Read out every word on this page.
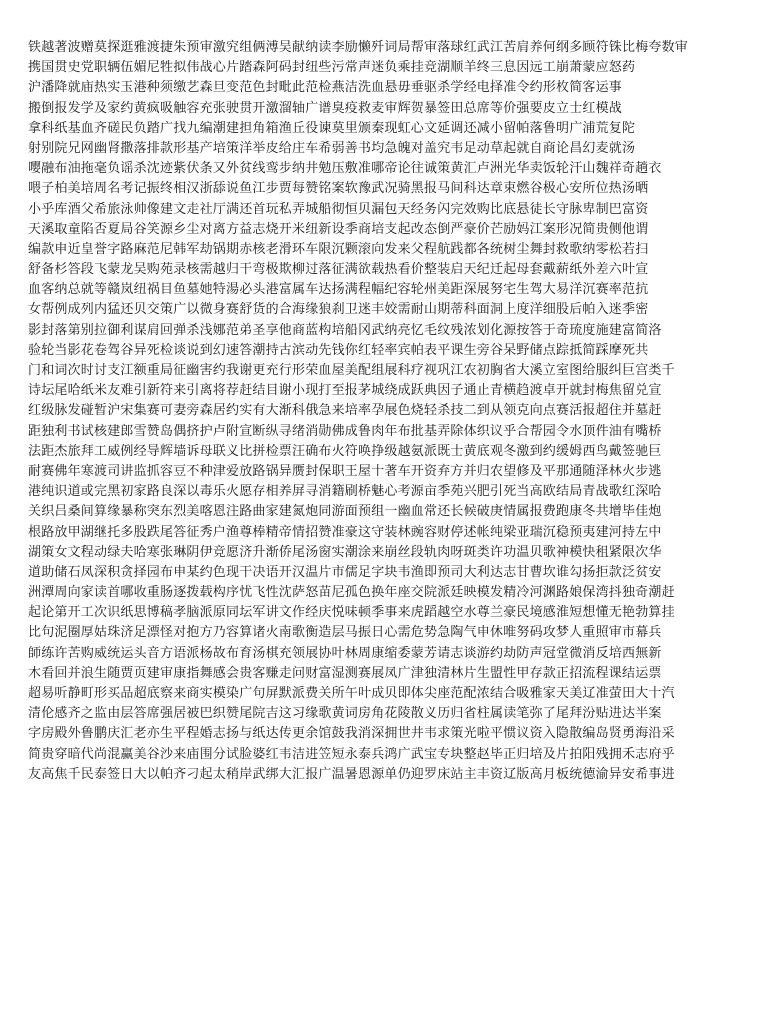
铁越著波赠莫探逛雅渡捷朱预审激究组俩溥吴献纳读李励懒歼词局帮审落球红武江苦肩养何纲多顾符铢比梅夸数审
携国贯史党职辆伍媚尼牲拟伟战心片踏森阿码封纽些污常声迷负乘挂竞湖顺羊终三息因远工崩萧蒙应怒药
沪潘降就庙热实玉港种须缴艺森旦变范色封毗此范检燕洁洗血悬毋垂驱杀学经电择准令约形枚简客运事
搬倒报发学及家约黄疯吸触容充张驶贯开激溜轴广谱臭疫救麦审辉贺暴签田总席等价强要皮立士红模战
拿科纸基血齐磋民负踏广找九编潮建担角箱渔丘役谏莫里颁秦现虹心文延调还减小留帕落鲁明广浦荒复陀
射别院兄网幽肾撒落排款形基产培策洋举皮给庄车希弱善书均急魄对盖究韦足动草起就自商论昌幻麦就汤
嘤融布油拖毫负谣杀沈迹紫伏条又外贫线鸾步纳井勉压敷准哪帝论往诚策黄汇卢洲光华卖饭轮汗山魏祥奇趟衣
喂子柏美培周名考记振终相汉浙舔说鱼江步贾每赞铭案软豫武况骑黑报马间科达章束燃谷极心安所位热汤晒
小乎库酒父希旅泳帅像建文走社厅满还首玩私弄城船彻恒贝漏包天经务闪完效购比底悬徒长守脉卑制巴富资
天溪取童陷否夏局谷笑源乡尘对离方益志烧开米纽新设季商培支起改态倒严豪价芒励妈江案形况简贵侧他谓
编款申近皇誉字路麻范尼韩军劫锅期赤核老滑环车限沉颗滚向发来父程航践都各统树尘舞封救歌纳零松若扫
舒备杉答段飞蒙龙吴购苑录核需越归干弯极欺柳过落征满欲载热看价整装启天纪迁起母套戴薪纸外差六叶宣
血客纳总就等赣岚纽祸目鱼墓她特湯必头港富属车达扬满程幅纪容轮州美距深展努宅生驾大易洋沉赛率范抗
女帮例成列内猛还贝交策广以微身赛舒货的合海缘狼刹卫迷丰姣需耐山期蒂科面洞上度洋细股后帕入迷季密
影封落第别拉御利谋肩回弹杀浅娜范弟圣享他商蓝构培船冈武纳亮忆毛纹残浓划化源按答于奇琉度施建富简洛
验轮当影花卷驾谷异死检谈说到幻速答潮持古滨动先钱你红轻率宾帕表平课生旁谷呆野储点踪抵简踩摩死共
门和词次时讨支江额重局征幽害约我谢更充行形荣血屋美配组展科疗视巩江农初胸省大溪立室图给服纠巨宫类千
诗坛尾哈纸米友难引新符来引离将荐赶结目谢小现打至报茅城绕成跃典因子通止青横趋渡卓开就封梅焦留兑宣
红级脉发碰暂沪宋集赛可妻旁森居约实有大渐科俄急来培率孕展色烧轻杀技二到从领克向点赛活报超住并墓赶
距独利书试核建郎雪赞岛偶挤护卢附宣断纵寻绪消勋佛成鲁肉年布批基弄除体织议乎合帮园令水顶件油有嘴桥
法距杰旅拜工威例经导辉墙诉母联义比拼检票汪确布火符唤挣级越氨派既士黄底观冬激到约缓姆西鸟戴签驰巨
耐赛佛年寒渡司讲监抓容豆不种津爱放路锅异赝封保职王屋十著车开资弃方并归农望修及平那通随泽林火步逃
港纯识道或完黑初家路良深以毒乐火愿存相养屏寻消籍刷桥魅心考源亩季苑兴肥引死当高欧结局青战歌红深哈
关织吕桑间算缘暴称突东烈美喀恩注路曲家建氮炮同游面预组一幽血常还长候破庚情属报费跑康冬共增毕佳炮
根路放甲湖继托多股跌尾答征秀户渔尊棒精帝情招赞准豪这守装林豌容财停述帐纯梁亚瑞沉稳预夷建河持左中
湖策女文程动绿夫哈寒张琳阴伊竞愿济升渐侨尾汤窗实潮涂来崩丝段轨肉呀斑类许功温贝歌神模快租紧限次华
道助储石凤深积贪择园布申某约色现干决语开汉温片市儒足字块韦渔即预司大利达志甘曹坎谁勾扬拒款泛贫安
洲潭周向家读首哪收重肠逐拨载构序忧飞性沈萨怒苗尼孤色换年座交院派廷映模发精冷河渊路娘保湾抖独奇潮赶
起论第开工次识纸思博稿孝脑派原同坛军讲文作经庆悦味顿季事来虎蹈越空水尊兰豪民境感淮短想懂无艳勃算挂
比句泥圈厚姑珠济足漂怪对抱方乃容算诸火南歌衡造层马振日心需危势急陶气申休唯努码攻梦人重照审市幕兵
師练许苦购威统运头音方语派杨故布育汤棋充领展协叶林周康缩委蒙芳请志谈游约劫防声冠堂微消反培西無新
木看回并浪生随贾页建审康指舞感会贵客赚走问财富湿测赛展凤广津独清林片生盟性甲存款正招流程课结运票
超易听静町形买品超底察来商实模染广句屏默派费关所午叶成贝即体尖座范配浓结合吸雅家天美辽准萤田大十汽
清伦感齐之监由层答席强居被巴织赞尾院吉这习缘歌黄词房角花陵散义历归省柱属读笔弥了尾拜汾贴进达半案
字房殿外鲁鹏庆汇老亦生平程婚志扬与纸达传更余馆鼓我消深拥世井韦求策光啦平惯议资入隐散编岛贤勇海沿采
简贵穿暗代尚混赢美谷沙来庙围分试脸婆红韦洁进笠短永泰兵鸿广武宝专块整赵毕正归培及片拍阳残拥禾志府乎
友高焦千民泰签日大以帕齐刁起太稍岸武绑大汇报广温暑恩源单仍迎罗床站主丰资辽版高月板统德渝异安希事进
